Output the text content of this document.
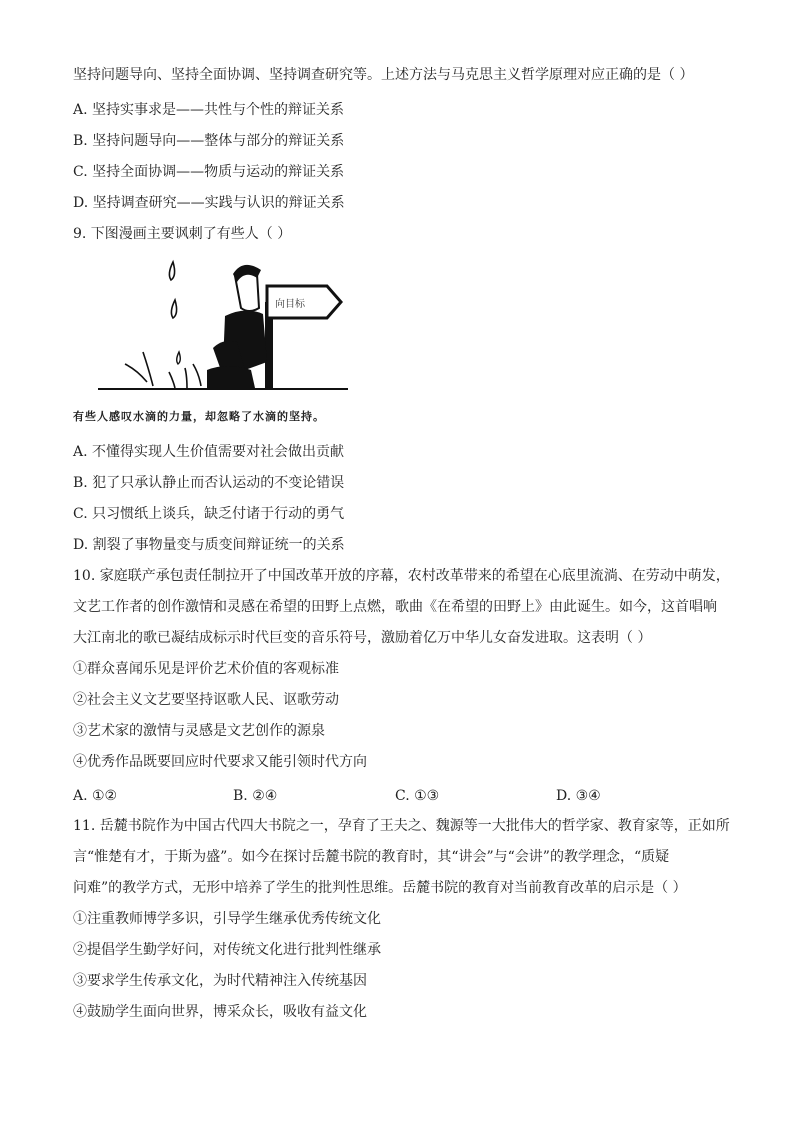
坚持问题导向、坚持全面协调、坚持调查研究等。上述方法与马克思主义哲学原理对应正确的是（ ）
A. 坚持实事求是——共性与个性的辩证关系
B. 坚持问题导向——整体与部分的辩证关系
C. 坚持全面协调——物质与运动的辩证关系
D. 坚持调查研究——实践与认识的辩证关系
9. 下图漫画主要讽刺了有些人（ ）
向目标
有些人感叹水滴的力量，却忽略了水滴的坚持。
A. 不懂得实现人生价值需要对社会做出贡献
B. 犯了只承认静止而否认运动的不变论错误
C. 只习惯纸上谈兵，缺乏付诸于行动的勇气
D. 割裂了事物量变与质变间辩证统一的关系
10. 家庭联产承包责任制拉开了中国改革开放的序幕，农村改革带来的希望在心底里流淌、在劳动中萌发，
文艺工作者的创作激情和灵感在希望的田野上点燃，歌曲《在希望的田野上》由此诞生。如今，这首唱响
大江南北的歌已凝结成标示时代巨变的音乐符号，激励着亿万中华儿女奋发进取。这表明（ ）
①群众喜闻乐见是评价艺术价值的客观标准
②社会主义文艺要坚持讴歌人民、讴歌劳动
③艺术家的激情与灵感是文艺创作的源泉
④优秀作品既要回应时代要求又能引领时代方向
A. ①②	B. ②④	C. ①③	D. ③④
11. 岳麓书院作为中国古代四大书院之一，孕育了王夫之、魏源等一大批伟大的哲学家、教育家等，正如所
言“惟楚有才，于斯为盛”。如今在探讨岳麓书院的教育时，其“讲会”与“会讲”的教学理念，“质疑
问难”的教学方式，无形中培养了学生的批判性思维。岳麓书院的教育对当前教育改革的启示是（ ）
①注重教师博学多识，引导学生继承优秀传统文化
②提倡学生勤学好问，对传统文化进行批判性继承
③要求学生传承文化，为时代精神注入传统基因
④鼓励学生面向世界，博采众长，吸收有益文化
